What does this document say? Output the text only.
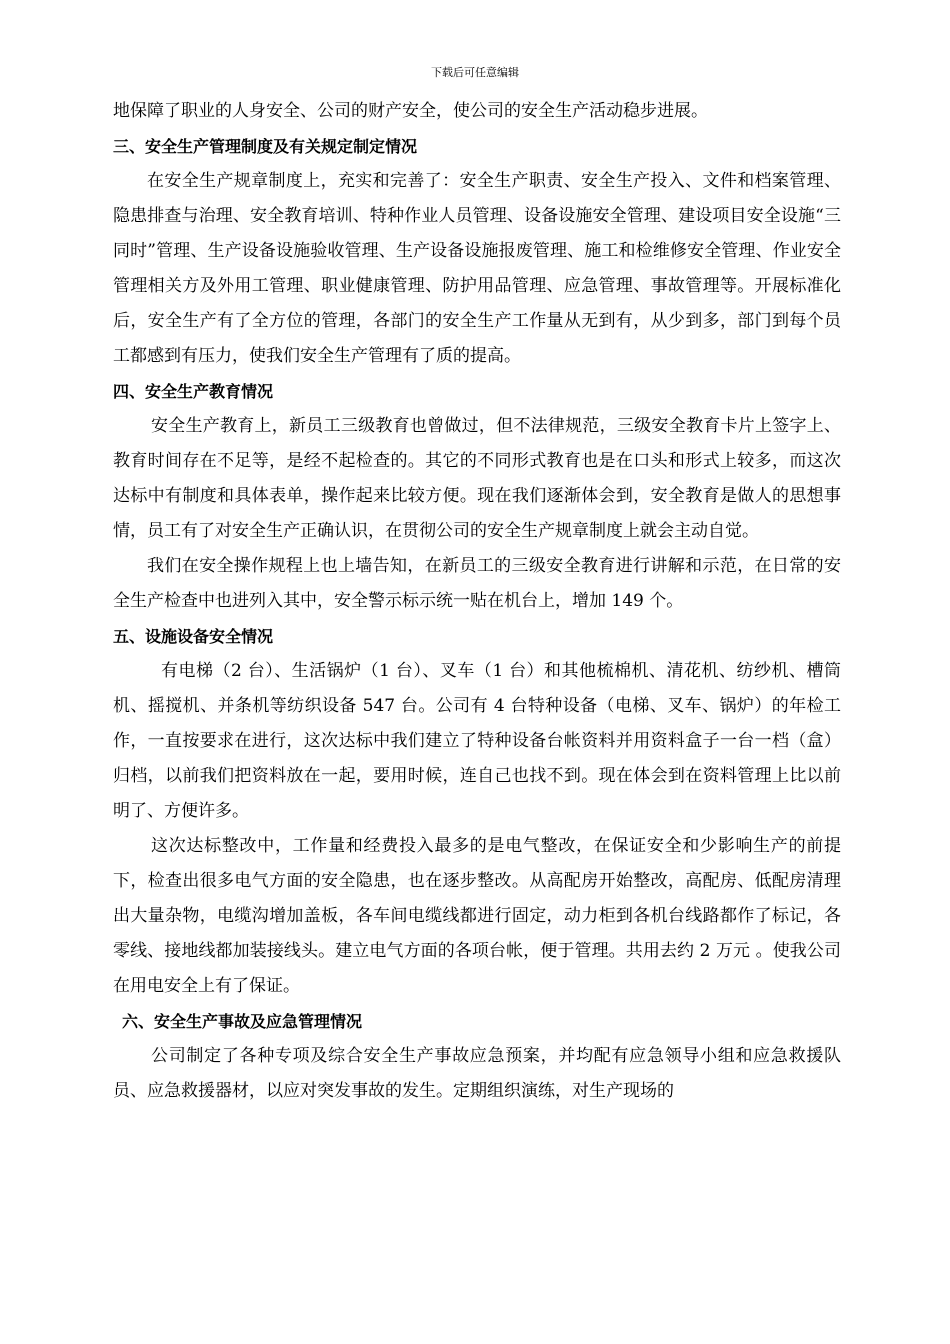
下载后可任意编辑

地保障了职业的人身安全、公司的财产安全，使公司的安全生产活动稳步进展。

三、安全生产管理制度及有关规定制定情况

在安全生产规章制度上，充实和完善了：安全生产职责、安全生产投入、文件和档案管理、隐患排查与治理、安全教育培训、特种作业人员管理、设备设施安全管理、建设项目安全设施“三同时”管理、生产设备设施验收管理、生产设备设施报废管理、施工和检维修安全管理、作业安全管理相关方及外用工管理、职业健康管理、防护用品管理、应急管理、事故管理等。开展标准化后，安全生产有了全方位的管理，各部门的安全生产工作量从无到有，从少到多，部门到每个员工都感到有压力，使我们安全生产管理有了质的提高。

四、安全生产教育情况

安全生产教育上，新员工三级教育也曾做过，但不法律规范，三级安全教育卡片上签字上、教育时间存在不足等，是经不起检查的。其它的不同形式教育也是在口头和形式上较多，而这次达标中有制度和具体表单，操作起来比较方便。现在我们逐渐体会到，安全教育是做人的思想事情，员工有了对安全生产正确认识，在贯彻公司的安全生产规章制度上就会主动自觉。

我们在安全操作规程上也上墙告知，在新员工的三级安全教育进行讲解和示范，在日常的安全生产检查中也进列入其中，安全警示标示统一贴在机台上，增加 149 个。

五、设施设备安全情况

有电梯（2 台）、生活锅炉（1 台）、叉车（1 台）和其他梳棉机、清花机、纺纱机、槽筒机、摇搅机、并条机等纺织设备 547 台。公司有 4 台特种设备（电梯、叉车、锅炉）的年检工作，一直按要求在进行，这次达标中我们建立了特种设备台帐资料并用资料盒子一台一档（盒）归档，以前我们把资料放在一起，要用时候，连自己也找不到。现在体会到在资料管理上比以前明了、方便许多。

这次达标整改中，工作量和经费投入最多的是电气整改，在保证安全和少影响生产的前提下，检查出很多电气方面的安全隐患，也在逐步整改。从高配房开始整改，高配房、低配房清理出大量杂物，电缆沟增加盖板，各车间电缆线都进行固定，动力柜到各机台线路都作了标记，各零线、接地线都加装接线头。建立电气方面的各项台帐，便于管理。共用去约 2 万元 。使我公司在用电安全上有了保证。

六、安全生产事故及应急管理情况

公司制定了各种专项及综合安全生产事故应急预案，并均配有应急领导小组和应急救援队员、应急救援器材，以应对突发事故的发生。定期组织演练，对生产现场的
